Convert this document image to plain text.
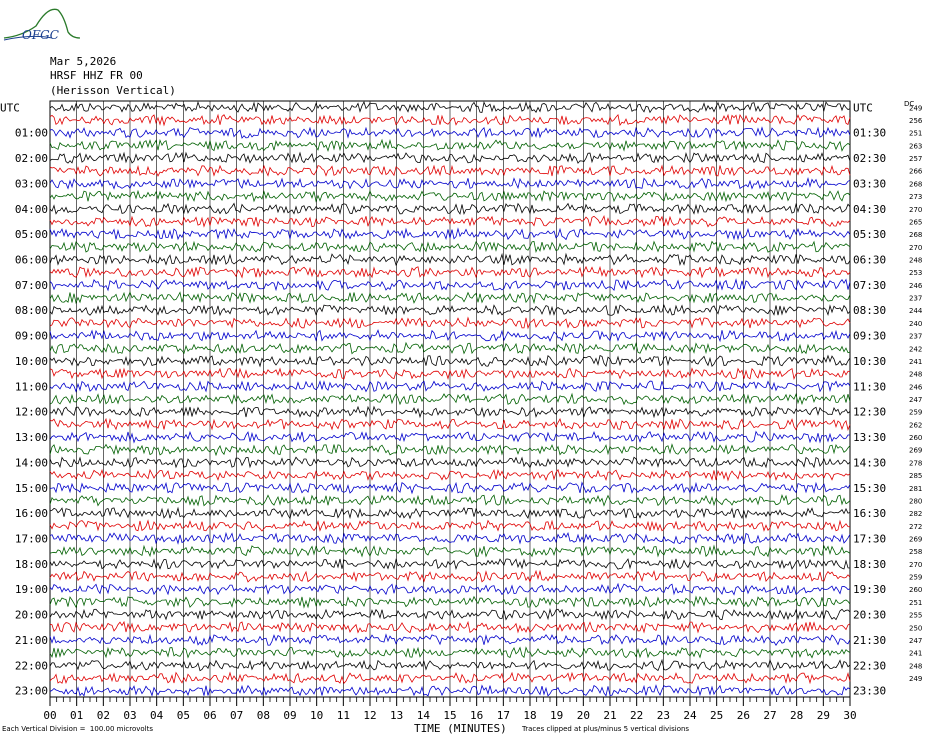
OFGC
Mar 5,2026
HRSF HHZ FR 00
(Herisson Vertical)
UTC
01:00
02:00
03:00
04:00
05:00
06:00
07:00
08:00
09:00
10:00
11:00
12:00
13:00
14:00
15:00
16:00
17:00
18:00
19:00
20:00
21:00
22:00
23:00
UTC
01:30
02:30
03:30
04:30
05:30
06:30
07:30
08:30
09:30
10:30
11:30
12:30
13:30
14:30
15:30
16:30
17:30
18:30
19:30
20:30
21:30
22:30
23:30
DC
249
256
251
263
257
266
268
273
270
265
268
270
248
253
246
237
244
240
237
242
241
248
246
247
259
262
260
269
278
285
281
280
282
272
269
258
270
259
260
251
255
250
247
241
248
249
00 01 02 03 04 05 06 07 08 09 10 11 12 13 14 15 16 17 18 19 20 21 22 23 24 25 26 27 28 29 30
Each Vertical Division =  100.00 microvolts	TIME (MINUTES) Traces clipped at plus/minus 5 vertical divisions
